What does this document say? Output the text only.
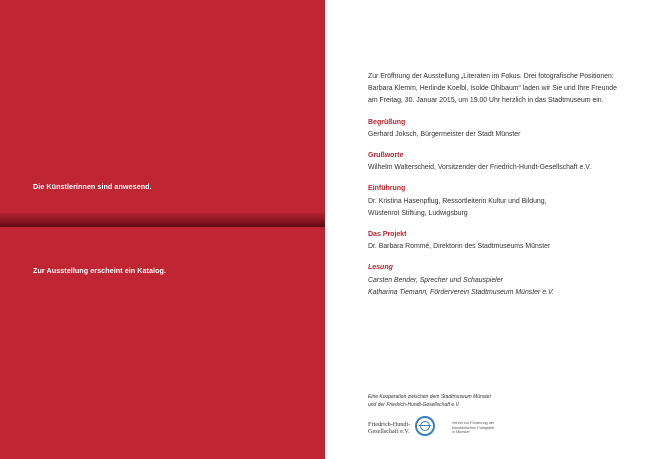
Die Künstlerinnen sind anwesend.
Zur Ausstellung erscheint ein Katalog.

Zur Eröffnung der Ausstellung „Literaten im Fokus. Drei fotografische Positionen:
Barbara Klemm, Herlinde Koelbl, Isolde Ohlbaum“ laden wir Sie und Ihre Freunde
am Freitag, 30. Januar 2015, um 19.00 Uhr herzlich in das Stadtmuseum ein.

Begrüßung
Gerhard Joksch, Bürgermeister der Stadt Münster
Grußworte
Wilhelm Walterscheid, Vorsitzender der Friedrich-Hundt-Gesellschaft e.V.
Einführung
Dr. Kristina Hasenpflug, Ressortleiterin Kultur und Bildung,
Wüstenrot Stiftung, Ludwigsburg
Das Projekt
Dr. Barbara Rommé, Direktorin des Stadtmuseums Münster
Lesung
Carsten Bender, Sprecher und Schauspieler
Katharina Tiemann, Förderverein Stadtmuseum Münster e.V.
Eine Kooperation zwischen dem Stadtmuseum Münster
und der Friedrich-Hundt-Gesellschaft e.V.
Friedrich-Hundt-
Gesellschaft e.V.
Verein zur Förderung der
künstlerischen Fotografie
in Münster
